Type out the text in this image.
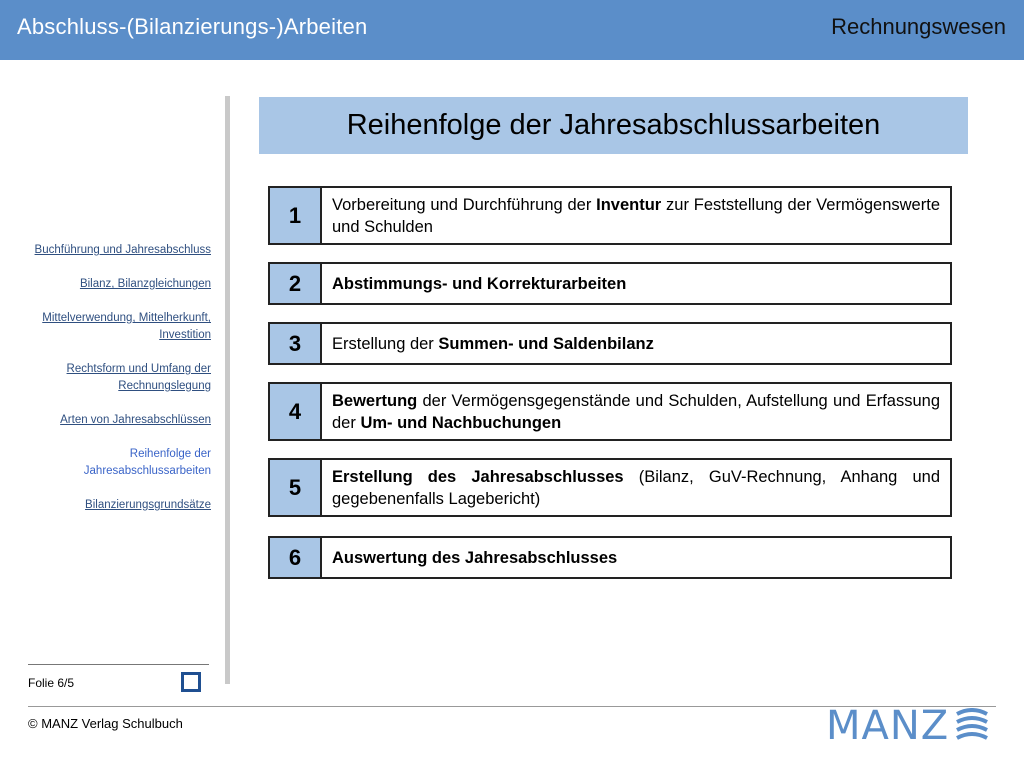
Abschluss-(Bilanzierungs-)Arbeiten	Rechnungswesen
Buchführung und Jahresabschluss
Bilanz, Bilanzgleichungen
Mittelverwendung, Mittelherkunft, Investition
Rechtsform und Umfang der Rechnungslegung
Arten von Jahresabschlüssen
Reihenfolge der Jahresabschlussarbeiten
Bilanzierungsgrundsätze
Reihenfolge der Jahresabschlussarbeiten
1	Vorbereitung und Durchführung der Inventur zur Feststellung der Vermögenswerte und Schulden
2	Abstimmungs- und Korrekturarbeiten
3	Erstellung der Summen- und Saldenbilanz
4	Bewertung der Vermögensgegenstände und Schulden, Aufstellung und Erfassung der Um- und Nachbuchungen
5	Erstellung des Jahresabschlusses (Bilanz, GuV-Rechnung, Anhang und gegebenenfalls Lagebericht)
6	Auswertung des Jahresabschlusses
Folie 6/5
© MANZ Verlag Schulbuch	MANZ
